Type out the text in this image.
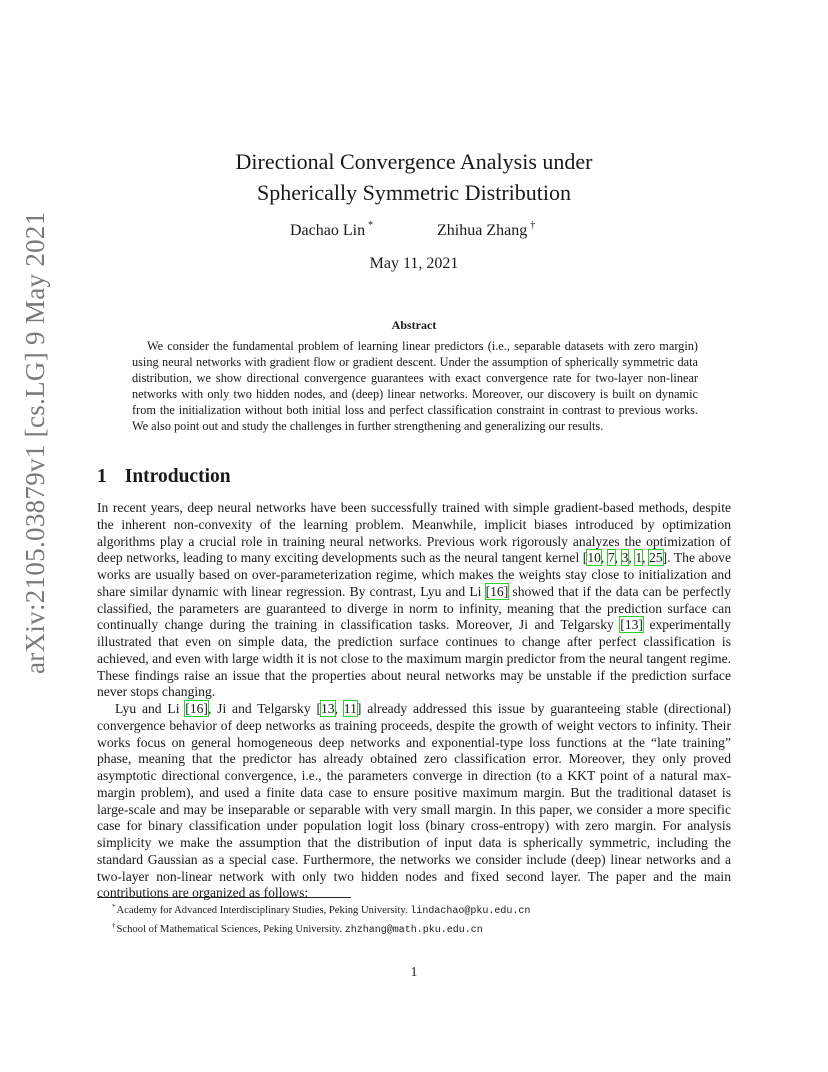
arXiv:2105.03879v1 [cs.LG] 9 May 2021
Directional Convergence Analysis under
Spherically Symmetric Distribution
Dachao Lin *	Zhihua Zhang †
May 11, 2021
Abstract

We consider the fundamental problem of learning linear predictors (i.e., separable datasets with zero margin) using neural networks with gradient flow or gradient descent. Under the assumption of spherically symmetric data distribution, we show directional convergence guarantees with exact convergence rate for two-layer non-linear networks with only two hidden nodes, and (deep) linear networks. Moreover, our discovery is built on dynamic from the initialization without both initial loss and perfect classification constraint in contrast to previous works. We also point out and study the challenges in further strengthening and generalizing our results.

1 Introduction

In recent years, deep neural networks have been successfully trained with simple gradient-based methods, despite the inherent non-convexity of the learning problem. Meanwhile, implicit biases introduced by optimization algorithms play a crucial role in training neural networks. Previous work rigorously analyzes the optimization of deep networks, leading to many exciting developments such as the neural tangent kernel [10, 7, 3, 1, 25]. The above works are usually based on over-parameterization regime, which makes the weights stay close to initialization and share similar dynamic with linear regression. By contrast, Lyu and Li [16] showed that if the data can be perfectly classified, the parameters are guaranteed to diverge in norm to infinity, meaning that the prediction surface can continually change during the training in classification tasks. Moreover, Ji and Telgarsky [13] experimentally illustrated that even on simple data, the prediction surface continues to change after perfect classification is achieved, and even with large width it is not close to the maximum margin predictor from the neural tangent regime. These findings raise an issue that the properties about neural networks may be unstable if the prediction surface never stops changing.

Lyu and Li [16], Ji and Telgarsky [13, 11] already addressed this issue by guaranteeing stable (directional) convergence behavior of deep networks as training proceeds, despite the growth of weight vectors to infinity. Their works focus on general homogeneous deep networks and exponential-type loss functions at the “late training” phase, meaning that the predictor has already obtained zero classification error. Moreover, they only proved asymptotic directional convergence, i.e., the parameters converge in direction (to a KKT point of a natural max-margin problem), and used a finite data case to ensure positive maximum margin. But the traditional dataset is large-scale and may be inseparable or separable with very small margin. In this paper, we consider a more specific case for binary classification under population logit loss (binary cross-entropy) with zero margin. For analysis simplicity we make the assumption that the distribution of input data is spherically symmetric, including the standard Gaussian as a special case. Furthermore, the networks we consider include (deep) linear networks and a two-layer non-linear network with only two hidden nodes and fixed second layer. The paper and the main contributions are organized as follows:

*Academy for Advanced Interdisciplinary Studies, Peking University. lindachao@pku.edu.cn
†School of Mathematical Sciences, Peking University. zhzhang@math.pku.edu.cn
1
